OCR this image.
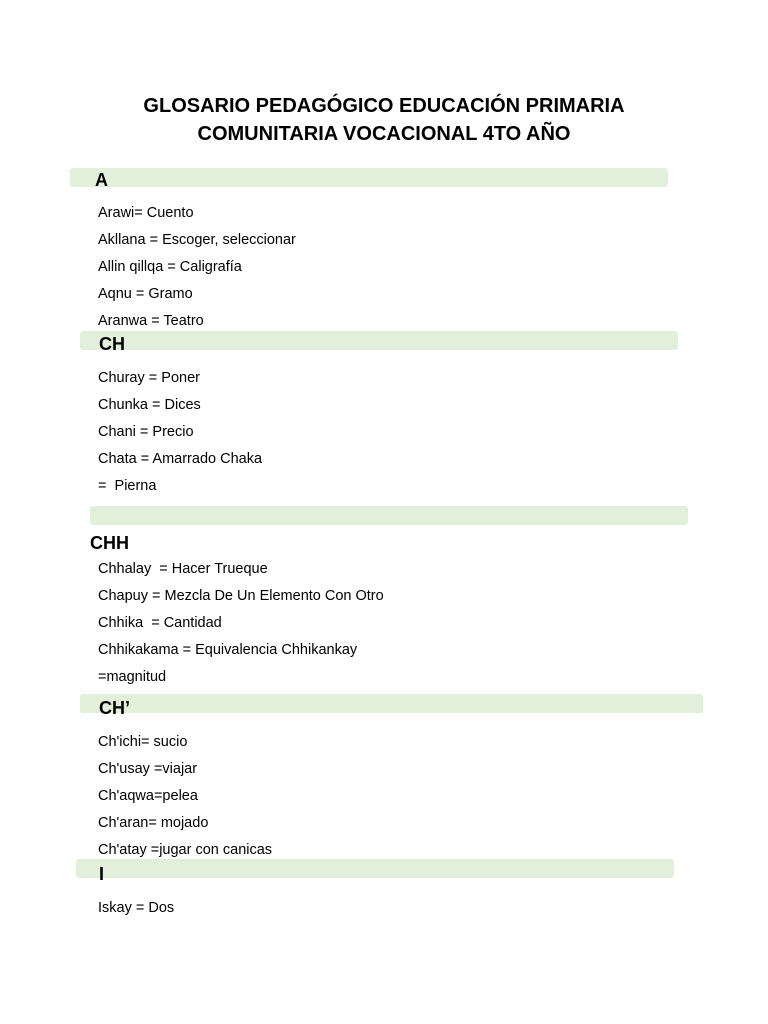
GLOSARIO PEDAGÓGICO EDUCACIÓN PRIMARIA
COMUNITARIA VOCACIONAL 4TO AÑO
A
Arawi= Cuento
Akllana = Escoger, seleccionar
Allin qillqa = Caligrafía
Aqnu = Gramo
Aranwa = Teatro
CH
Churay = Poner
Chunka = Dices
Chani = Precio
Chata = Amarrado Chaka
=  Pierna
CHH
Chhalay  = Hacer Trueque
Chapuy = Mezcla De Un Elemento Con Otro
Chhika  = Cantidad
Chhikakama = Equivalencia Chhikankay
=magnitud
CH’
Ch'ichi= sucio
Ch'usay =viajar
Ch'aqwa=pelea
Ch'aran= mojado
Ch'atay =jugar con canicas
I
Iskay = Dos
